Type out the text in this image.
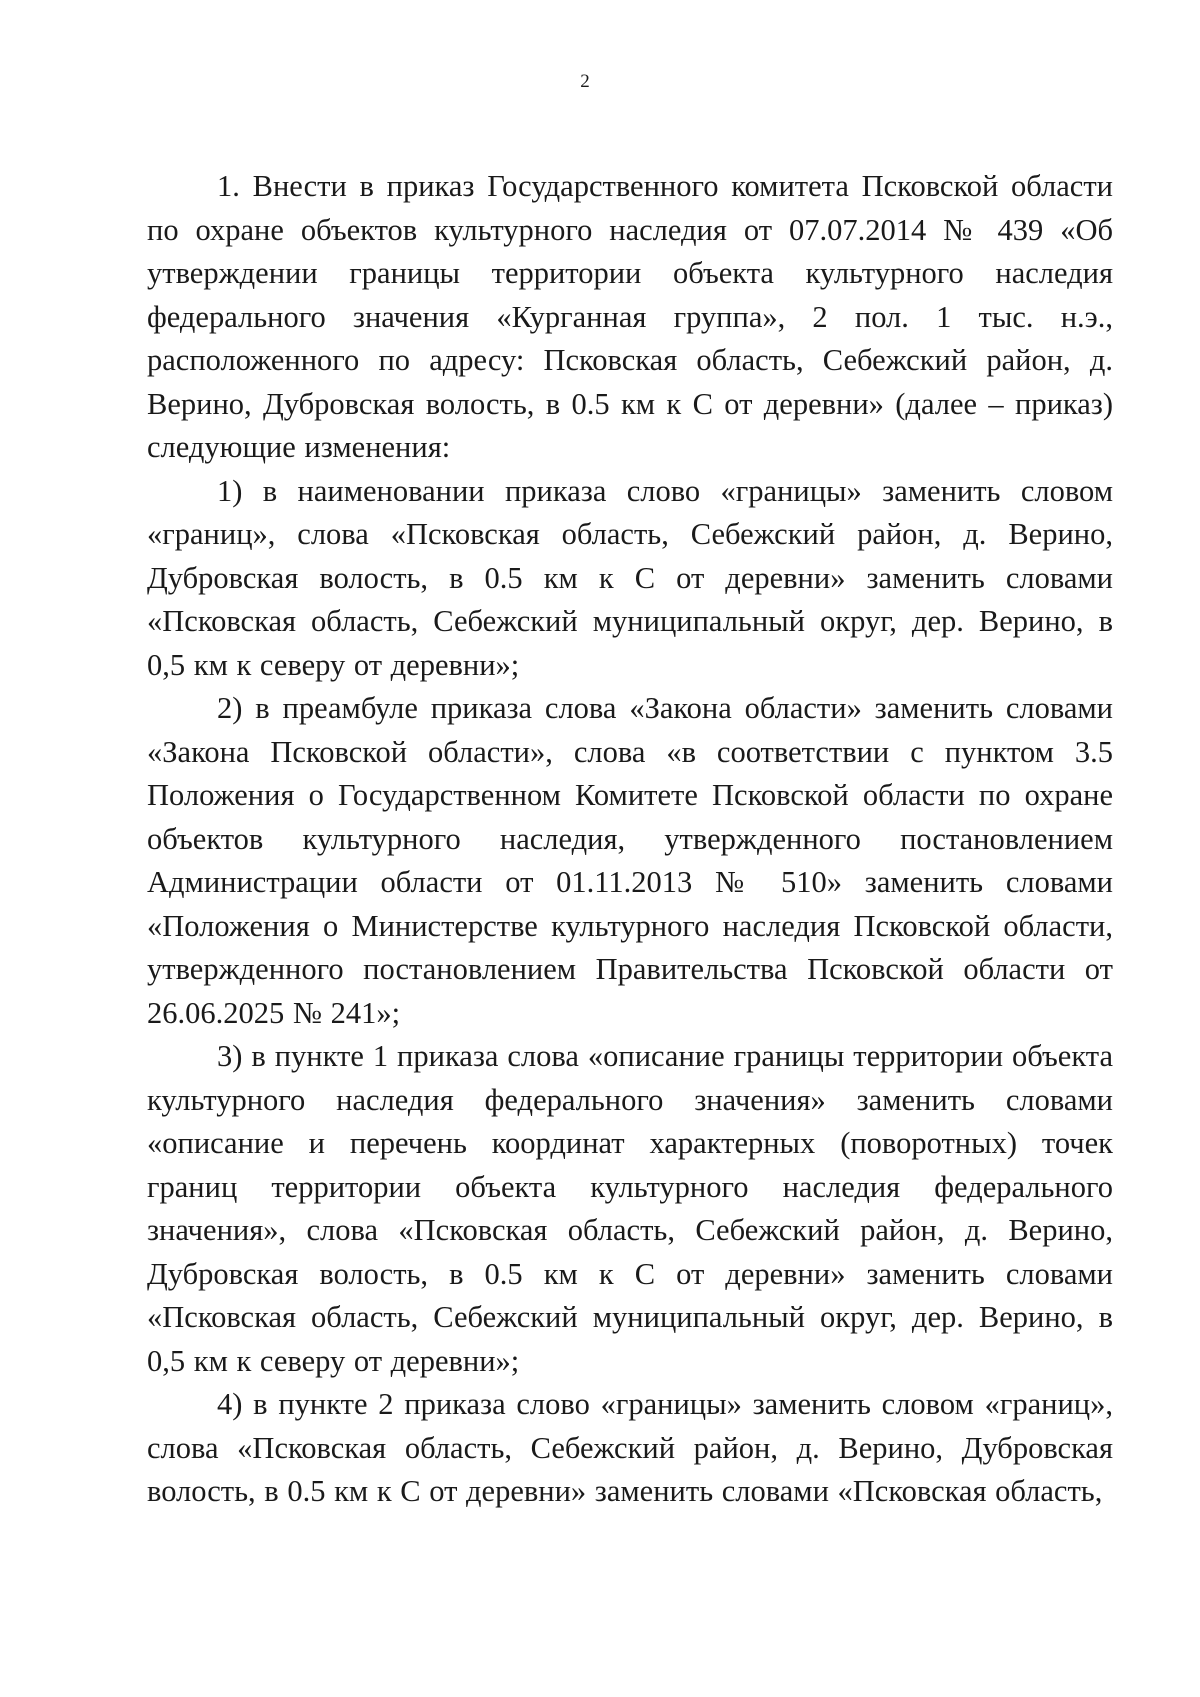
2

1. Внести в приказ Государственного комитета Псковской области по охране объектов культурного наследия от 07.07.2014 № 439 «Об утверждении границы территории объекта культурного наследия федерального значения «Курганная группа», 2 пол. 1 тыс. н.э., расположенного по адресу: Псковская область, Себежский район, д. Верино, Дубровская волость, в 0.5 км к С от деревни» (далее – приказ) следующие изменения:

1) в наименовании приказа слово «границы» заменить словом «границ», слова «Псковская область, Себежский район, д. Верино, Дубровская волость, в 0.5 км к С от деревни» заменить словами «Псковская область, Себежский муниципальный округ, дер. Верино, в 0,5 км к северу от деревни»;

2) в преамбуле приказа слова «Закона области» заменить словами «Закона Псковской области», слова «в соответствии с пунктом 3.5 Положения о Государственном Комитете Псковской области по охране объектов культурного наследия, утвержденного постановлением Администрации области от 01.11.2013 № 510» заменить словами «Положения о Министерстве культурного наследия Псковской области, утвержденного постановлением Правительства Псковской области от 26.06.2025 № 241»;

3) в пункте 1 приказа слова «описание границы территории объекта культурного наследия федерального значения» заменить словами «описание и перечень координат характерных (поворотных) точек границ территории объекта культурного наследия федерального значения», слова «Псковская область, Себежский район, д. Верино, Дубровская волость, в 0.5 км к С от деревни» заменить словами «Псковская область, Себежский муниципальный округ, дер. Верино, в 0,5 км к северу от деревни»;

4) в пункте 2 приказа слово «границы» заменить словом «границ», слова «Псковская область, Себежский район, д. Верино, Дубровская волость, в 0.5 км к С от деревни» заменить словами «Псковская область,
